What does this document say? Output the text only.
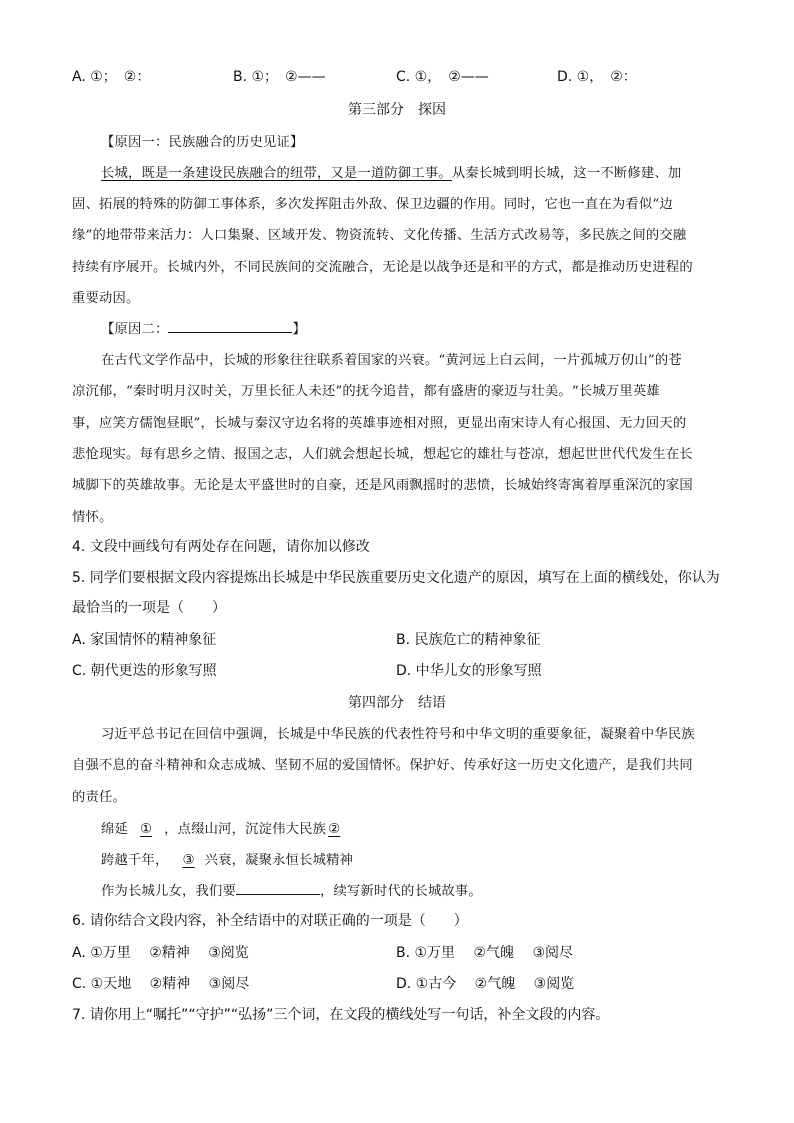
A. ①；　②：	B. ①；　②——	C. ①，　②——	D. ①，　②：
第三部分　探因
【原因一：民族融合的历史见证】
长城，既是一条建设民族融合的纽带，又是一道防御工事。从秦长城到明长城，这一不断修建、加
固、拓展的特殊的防御工事体系，多次发挥阻击外敌、保卫边疆的作用。同时，它也一直在为看似“边
缘”的地带带来活力：人口集聚、区域开发、物资流转、文化传播、生活方式改易等，多民族之间的交融
持续有序展开。长城内外，不同民族间的交流融合，无论是以战争还是和平的方式，都是推动历史进程的
重要动因。
【原因二：	】
在古代文学作品中，长城的形象往往联系着国家的兴衰。“黄河远上白云间，一片孤城万仞山”的苍
凉沉郁，“秦时明月汉时关，万里长征人未还”的抚今追昔，都有盛唐的豪迈与壮美。“长城万里英雄
事，应笑方儒饱昼眠”，长城与秦汉守边名将的英雄事迹相对照，更显出南宋诗人有心报国、无力回天的
悲怆现实。每有思乡之情、报国之志，人们就会想起长城，想起它的雄壮与苍凉，想起世世代代发生在长
城脚下的英雄故事。无论是太平盛世时的自豪，还是风雨飘摇时的悲愤，长城始终寄寓着厚重深沉的家国
情怀。
4. 文段中画线句有两处存在问题，请你加以修改
5. 同学们要根据文段内容提炼出长城是中华民族重要历史文化遗产的原因，填写在上面的横线处，你认为
最恰当的一项是（　　）
A. 家国情怀的精神象征	B. 民族危亡的精神象征
C. 朝代更迭的形象写照	D. 中华儿女的形象写照
第四部分　结语
习近平总书记在回信中强调，长城是中华民族的代表性符号和中华文明的重要象征，凝聚着中华民族
自强不息的奋斗精神和众志成城、坚韧不屈的爱国情怀。保护好、传承好这一历史文化遗产，是我们共同
的责任。
绵延 ① ，点缀山河，沉淀伟大民族 ②
跨越千年， ③ 兴衰，凝聚永恒长城精神
作为长城儿女，我们要	，续写新时代的长城故事。
6. 请你结合文段内容，补全结语中的对联正确的一项是（　　）
A. ①万里　 ②精神　 ③阅览	B. ①万里　 ②气魄　 ③阅尽
C. ①天地　 ②精神　 ③阅尽	D. ①古今　 ②气魄　 ③阅览
7. 请你用上“嘱托”“守护”“弘扬”三个词，在文段的横线处写一句话，补全文段的内容。
